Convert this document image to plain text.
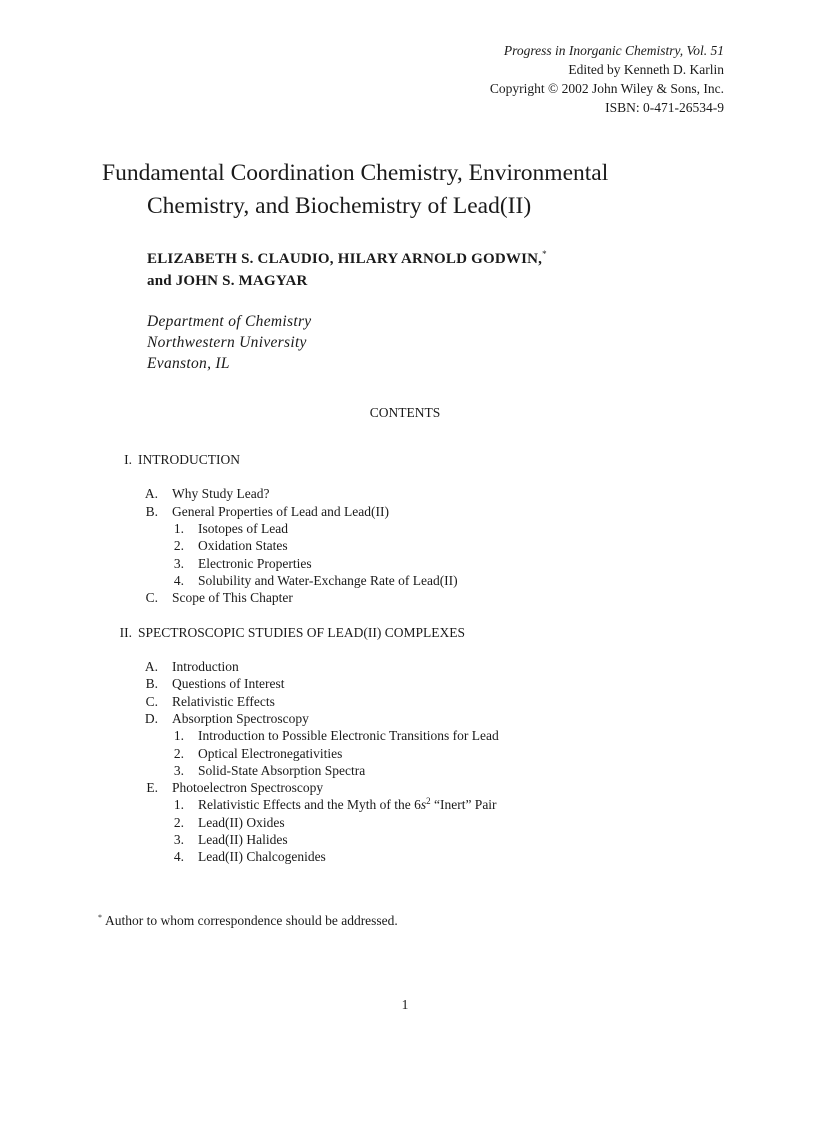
Progress in Inorganic Chemistry, Vol. 51
Edited by Kenneth D. Karlin
Copyright © 2002 John Wiley & Sons, Inc.
ISBN: 0-471-26534-9
Fundamental Coordination Chemistry, Environmental
Chemistry, and Biochemistry of Lead(II)
ELIZABETH S. CLAUDIO, HILARY ARNOLD GODWIN,*
and JOHN S. MAGYAR
Department of Chemistry
Northwestern University
Evanston, IL
CONTENTS
I. INTRODUCTION
A. Why Study Lead?
B. General Properties of Lead and Lead(II)
1. Isotopes of Lead
2. Oxidation States
3. Electronic Properties
4. Solubility and Water-Exchange Rate of Lead(II)
C. Scope of This Chapter
II. SPECTROSCOPIC STUDIES OF LEAD(II) COMPLEXES
A. Introduction
B. Questions of Interest
C. Relativistic Effects
D. Absorption Spectroscopy
1. Introduction to Possible Electronic Transitions for Lead
2. Optical Electronegativities
3. Solid-State Absorption Spectra
E. Photoelectron Spectroscopy
1. Relativistic Effects and the Myth of the $6s^2$ “Inert” Pair
2. Lead(II) Oxides
3. Lead(II) Halides
4. Lead(II) Chalcogenides
* Author to whom correspondence should be addressed.
1
